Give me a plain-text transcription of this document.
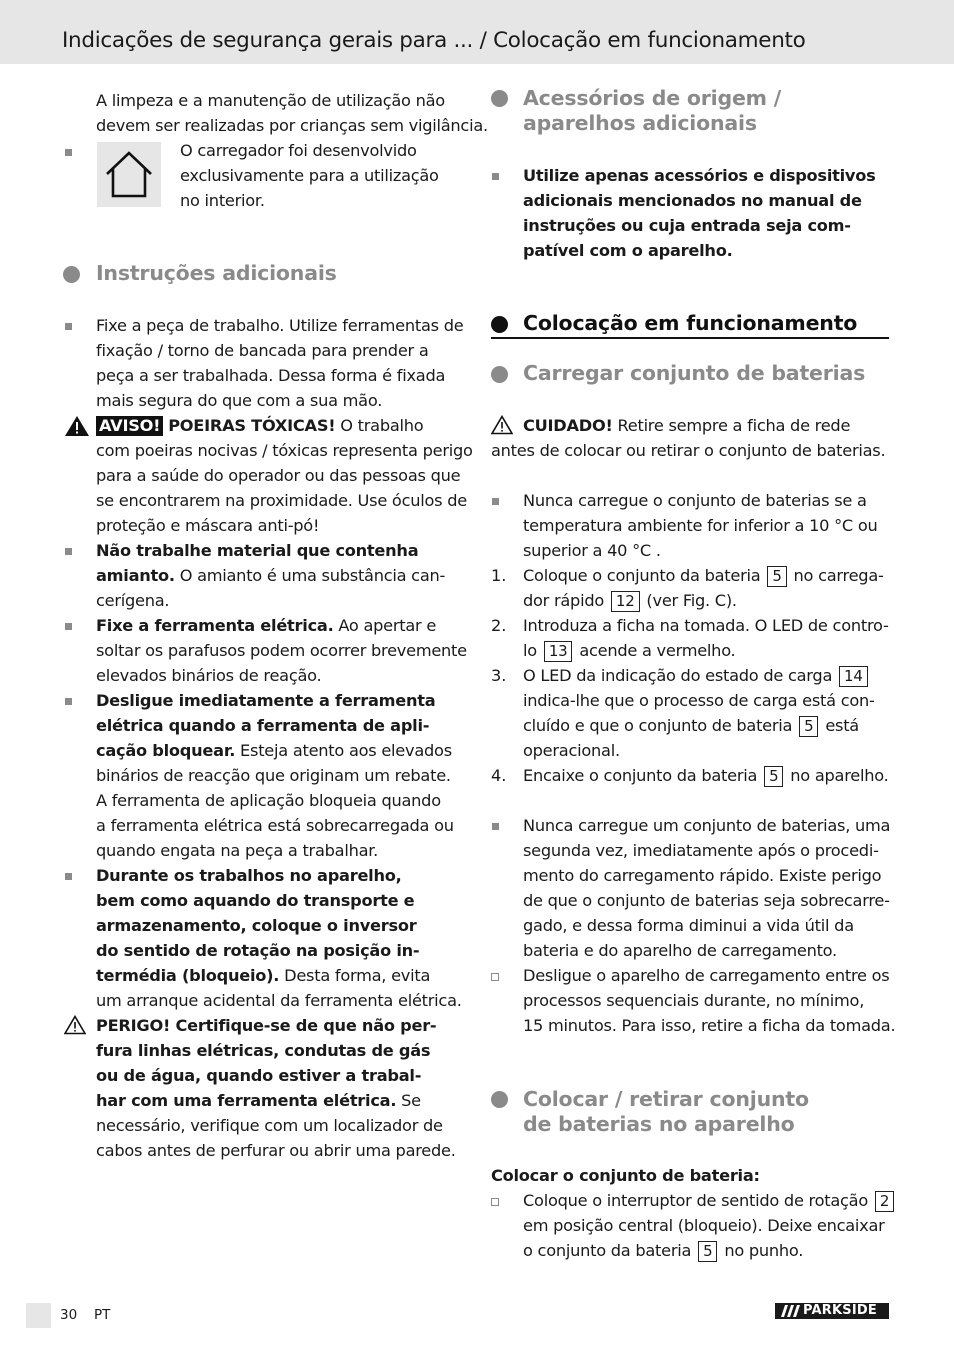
Indicações de segurança gerais para ... / Colocação em funcionamento
A limpeza e a manutenção de utilização não
devem ser realizadas por crianças sem vigilância.
O carregador foi desenvolvido
exclusivamente para a utilização
no interior.
Instruções adicionais
Fixe a peça de trabalho. Utilize ferramentas de
fixação / torno de bancada para prender a
peça a ser trabalhada. Dessa forma é fixada
mais segura do que com a sua mão.
AVISO! POEIRAS TÓXICAS! O trabalho
com poeiras nocivas / tóxicas representa perigo
para a saúde do operador ou das pessoas que
se encontrarem na proximidade. Use óculos de
proteção e máscara anti-pó!
Não trabalhe material que contenha
amianto. O amianto é uma substância can-
cerígena.
Fixe a ferramenta elétrica. Ao apertar e
soltar os parafusos podem ocorrer brevemente
elevados binários de reação.
Desligue imediatamente a ferramenta
elétrica quando a ferramenta de apli-
cação bloquear. Esteja atento aos elevados
binários de reacção que originam um rebate.
A ferramenta de aplicação bloqueia quando
a ferramenta elétrica está sobrecarregada ou
quando engata na peça a trabalhar.
Durante os trabalhos no aparelho,
bem como aquando do transporte e
armazenamento, coloque o inversor
do sentido de rotação na posição in-
termédia (bloqueio). Desta forma, evita
um arranque acidental da ferramenta elétrica.
PERIGO! Certifique-se de que não per-
fura linhas elétricas, condutas de gás
ou de água, quando estiver a trabal-
har com uma ferramenta elétrica. Se
necessário, verifique com um localizador de
cabos antes de perfurar ou abrir uma parede.
Acessórios de origem /
aparelhos adicionais
Utilize apenas acessórios e dispositivos
adicionais mencionados no manual de
instruções ou cuja entrada seja com-
patível com o aparelho.
Colocação em funcionamento
Carregar conjunto de baterias
CUIDADO! Retire sempre a ficha de rede
antes de colocar ou retirar o conjunto de baterias.
Nunca carregue o conjunto de baterias se a
temperatura ambiente for inferior a 10 °C ou
superior a 40 °C .
1. Coloque o conjunto da bateria 5 no carrega-
dor rápido 12 (ver Fig. C).
2. Introduza a ficha na tomada. O LED de contro-
lo 13 acende a vermelho.
3. O LED da indicação do estado de carga 14
indica-lhe que o processo de carga está con-
cluído e que o conjunto de bateria 5 está
operacional.
4. Encaixe o conjunto da bateria 5 no aparelho.
Nunca carregue um conjunto de baterias, uma
segunda vez, imediatamente após o procedi-
mento do carregamento rápido. Existe perigo
de que o conjunto de baterias seja sobrecarre-
gado, e dessa forma diminui a vida útil da
bateria e do aparelho de carregamento.
Desligue o aparelho de carregamento entre os
processos sequenciais durante, no mínimo,
15 minutos. Para isso, retire a ficha da tomada.
Colocar / retirar conjunto
de baterias no aparelho
Colocar o conjunto de bateria:
Coloque o interruptor de sentido de rotação 2
em posição central (bloqueio). Deixe encaixar
o conjunto da bateria 5 no punho.
30 PT	PARKSIDE
